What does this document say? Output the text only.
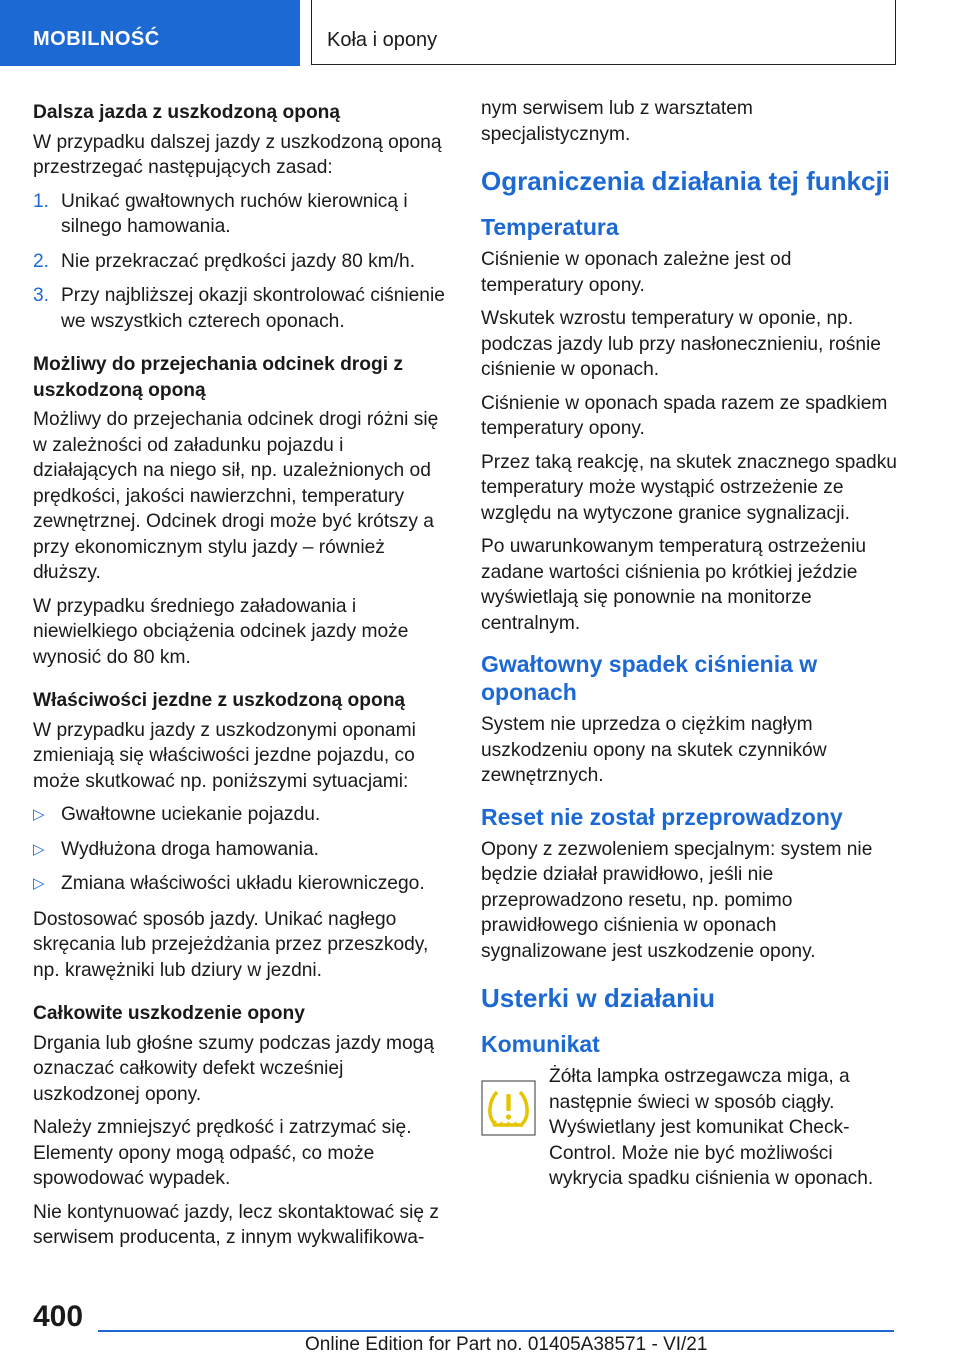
MOBILNOŚĆ	Koła i opony

Dalsza jazda z uszkodzoną oponą

W przypadku dalszej jazdy z uszkodzoną oponą przestrzegać następujących zasad:

1. Unikać gwałtownych ruchów kierownicą i silnego hamowania.
2. Nie przekraczać prędkości jazdy 80 km/h.
3. Przy najbliższej okazji skontrolować ciśnienie we wszystkich czterech oponach.

Możliwy do przejechania odcinek drogi z uszkodzoną oponą

Możliwy do przejechania odcinek drogi różni się w zależności od załadunku pojazdu i działających na niego sił, np. uzależnionych od prędkości, jakości nawierzchni, temperatury zewnętrznej. Odcinek drogi może być krótszy a przy ekonomicznym stylu jazdy – również dłuższy.

W przypadku średniego załadowania i niewielkiego obciążenia odcinek jazdy może wynosić do 80 km.

Właściwości jezdne z uszkodzoną oponą

W przypadku jazdy z uszkodzonymi oponami zmieniają się właściwości jezdne pojazdu, co może skutkować np. poniższymi sytuacjami:

▷ Gwałtowne uciekanie pojazdu.
▷ Wydłużona droga hamowania.
▷ Zmiana właściwości układu kierowniczego.

Dostosować sposób jazdy. Unikać nagłego skręcania lub przejeżdżania przez przeszkody, np. krawężniki lub dziury w jezdni.

Całkowite uszkodzenie opony

Drgania lub głośne szumy podczas jazdy mogą oznaczać całkowity defekt wcześniej uszkodzonej opony.

Należy zmniejszyć prędkość i zatrzymać się. Elementy opony mogą odpaść, co może spowodować wypadek.

Nie kontynuować jazdy, lecz skontaktować się z serwisem producenta, z innym wykwalifikowa-

nym serwisem lub z warsztatem specjalistycznym.

Ograniczenia działania tej funkcji
Temperatura

Ciśnienie w oponach zależne jest od temperatury opony.

Wskutek wzrostu temperatury w oponie, np. podczas jazdy lub przy nasłonecznieniu, rośnie ciśnienie w oponach.

Ciśnienie w oponach spada razem ze spadkiem temperatury opony.

Przez taką reakcję, na skutek znacznego spadku temperatury może wystąpić ostrzeżenie ze względu na wytyczone granice sygnalizacji.

Po uwarunkowanym temperaturą ostrzeżeniu zadane wartości ciśnienia po krótkiej jeździe wyświetlają się ponownie na monitorze centralnym.

Gwałtowny spadek ciśnienia w oponach

System nie uprzedza o ciężkim nagłym uszkodzeniu opony na skutek czynników zewnętrznych.

Reset nie został przeprowadzony

Opony z zezwoleniem specjalnym: system nie będzie działał prawidłowo, jeśli nie przeprowadzono resetu, np. pomimo prawidłowego ciśnienia w oponach sygnalizowane jest uszkodzenie opony.

Usterki w działaniu
Komunikat

Żółta lampka ostrzegawcza miga, a następnie świeci w sposób ciągły. Wyświetlany jest komunikat Check-Control. Może nie być możliwości wykrycia spadku ciśnienia w oponach.

400
Online Edition for Part no. 01405A38571 - VI/21
